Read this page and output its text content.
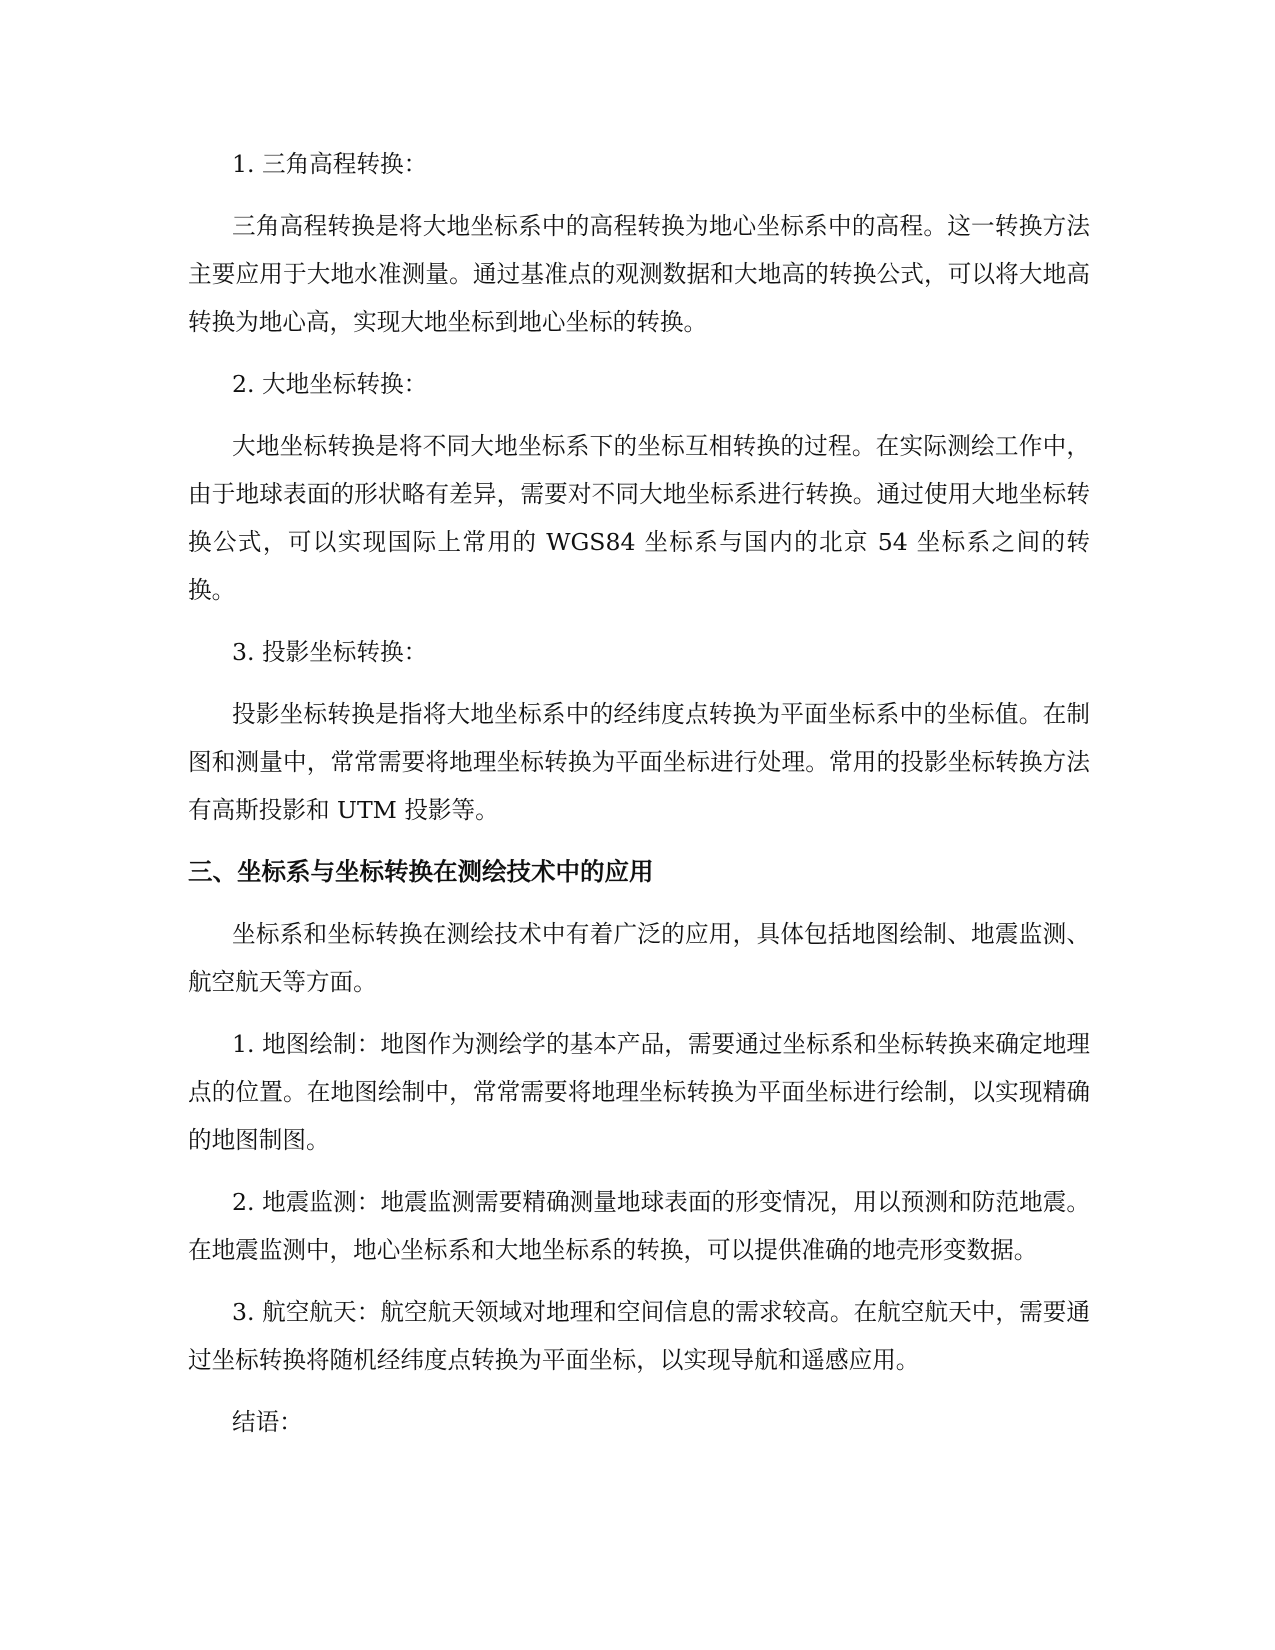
1. 三角高程转换：

三角高程转换是将大地坐标系中的高程转换为地心坐标系中的高程。这一转换方法主要应用于大地水准测量。通过基准点的观测数据和大地高的转换公式，可以将大地高转换为地心高，实现大地坐标到地心坐标的转换。

2. 大地坐标转换：

大地坐标转换是将不同大地坐标系下的坐标互相转换的过程。在实际测绘工作中，由于地球表面的形状略有差异，需要对不同大地坐标系进行转换。通过使用大地坐标转换公式，可以实现国际上常用的 WGS84 坐标系与国内的北京 54 坐标系之间的转换。

3. 投影坐标转换：

投影坐标转换是指将大地坐标系中的经纬度点转换为平面坐标系中的坐标值。在制图和测量中，常常需要将地理坐标转换为平面坐标进行处理。常用的投影坐标转换方法有高斯投影和 UTM 投影等。

三、坐标系与坐标转换在测绘技术中的应用

坐标系和坐标转换在测绘技术中有着广泛的应用，具体包括地图绘制、地震监测、航空航天等方面。

1. 地图绘制：地图作为测绘学的基本产品，需要通过坐标系和坐标转换来确定地理点的位置。在地图绘制中，常常需要将地理坐标转换为平面坐标进行绘制，以实现精确的地图制图。

2. 地震监测：地震监测需要精确测量地球表面的形变情况，用以预测和防范地震。在地震监测中，地心坐标系和大地坐标系的转换，可以提供准确的地壳形变数据。

3. 航空航天：航空航天领域对地理和空间信息的需求较高。在航空航天中，需要通过坐标转换将随机经纬度点转换为平面坐标，以实现导航和遥感应用。

结语：
